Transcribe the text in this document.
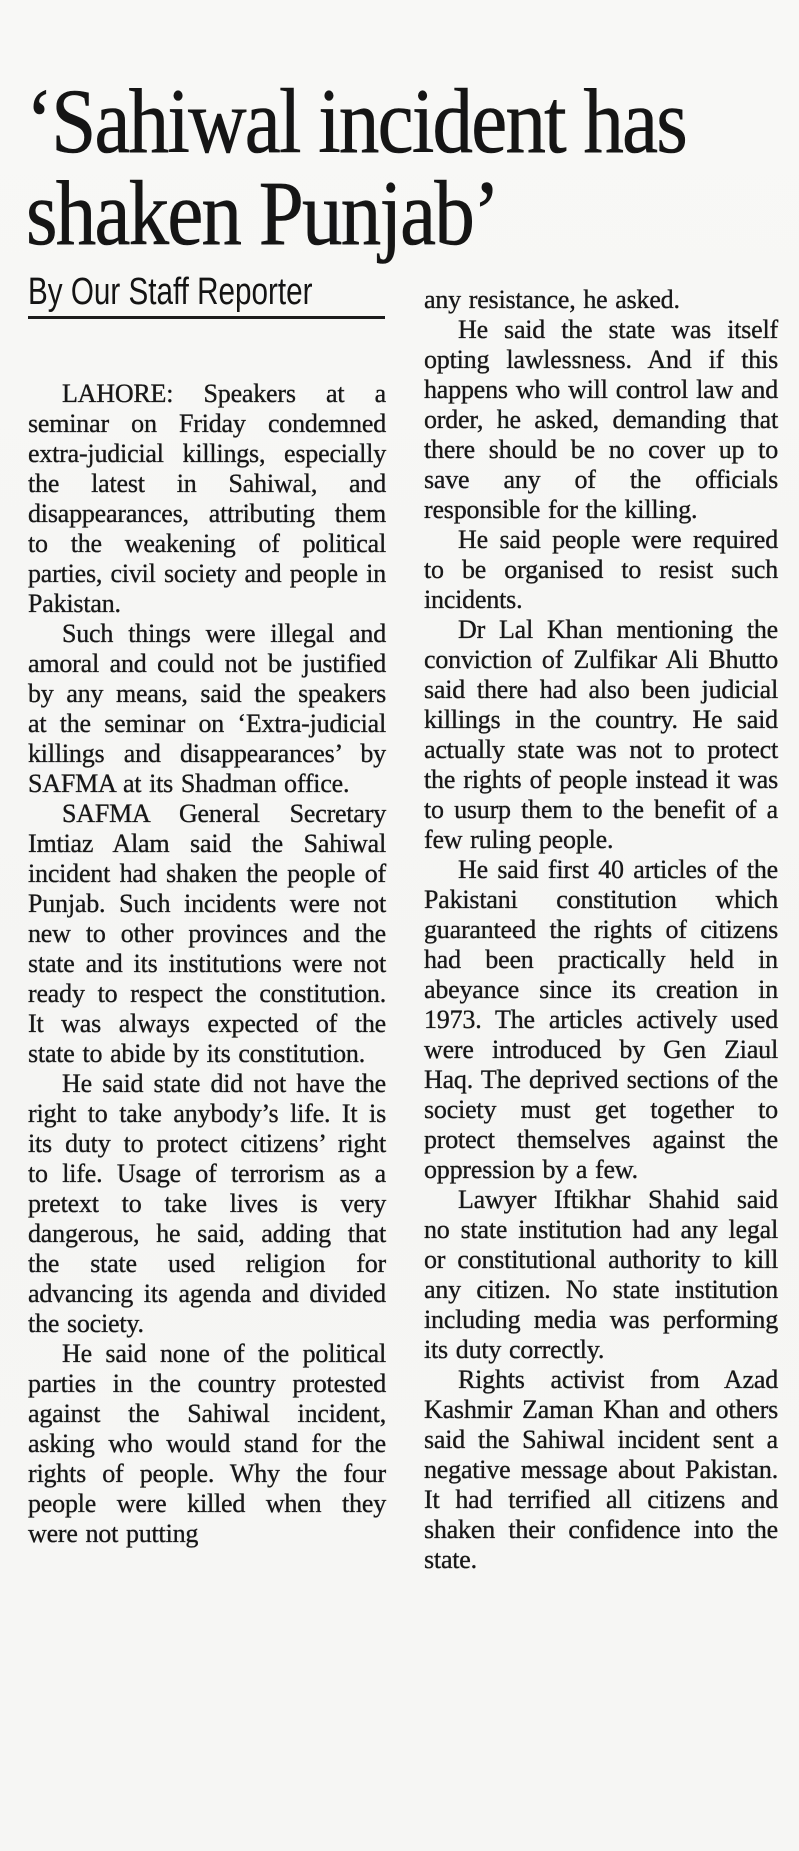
‘Sahiwal incident has shaken Punjab’
By Our Staff Reporter

LAHORE: Speakers at a seminar on Friday condemned extra-judicial killings, especially the latest in Sahiwal, and disappearances, attributing them to the weakening of political parties, civil society and people in Pakistan.

Such things were illegal and amoral and could not be justified by any means, said the speakers at the seminar on ‘Extra-judicial killings and disappearances’ by SAFMA at its Shadman office.

SAFMA General Secretary Imtiaz Alam said the Sahiwal incident had shaken the people of Punjab. Such incidents were not new to other provinces and the state and its institutions were not ready to respect the constitution. It was always expected of the state to abide by its constitution.

He said state did not have the right to take anybody’s life. It is its duty to protect citizens’ right to life. Usage of terrorism as a pretext to take lives is very dangerous, he said, adding that the state used religion for advancing its agenda and divided the society.

He said none of the political parties in the country protested against the Sahiwal incident, asking who would stand for the rights of people. Why the four people were killed when they were not putting

any resistance, he asked.

He said the state was itself opting lawlessness. And if this happens who will control law and order, he asked, demanding that there should be no cover up to save any of the officials responsible for the killing.

He said people were required to be organised to resist such incidents.

Dr Lal Khan mentioning the conviction of Zulfikar Ali Bhutto said there had also been judicial killings in the country. He said actually state was not to protect the rights of people instead it was to usurp them to the benefit of a few ruling people.

He said first 40 articles of the Pakistani constitution which guaranteed the rights of citizens had been practically held in abeyance since its creation in 1973. The articles actively used were introduced by Gen Ziaul Haq. The deprived sections of the society must get together to protect themselves against the oppression by a few.

Lawyer Iftikhar Shahid said no state institution had any legal or constitutional authority to kill any citizen. No state institution including media was performing its duty correctly.

Rights activist from Azad Kashmir Zaman Khan and others said the Sahiwal incident sent a negative message about Pakistan. It had terrified all citizens and shaken their confidence into the state.
